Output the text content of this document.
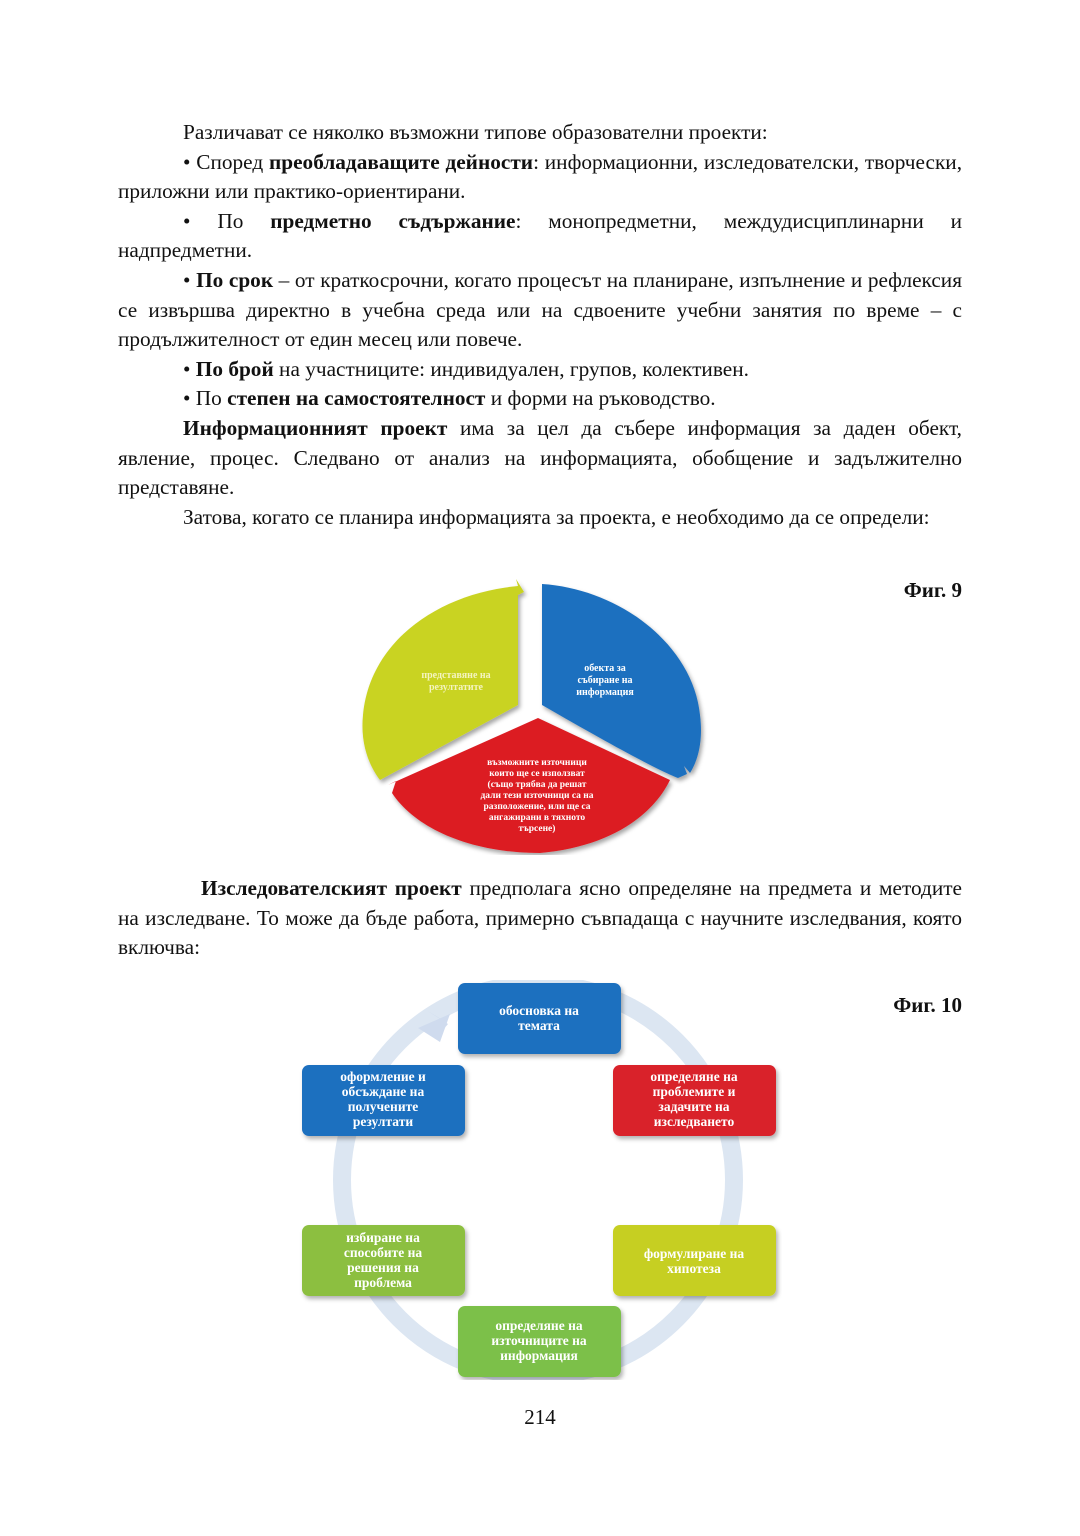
Различават се няколко възможни типове образователни проекти:

• Според преобладаващите дейности: информационни, изследователски, творчески, приложни или практико-ориентирани.

• По предметно съдържание: монопредметни, междудисциплинарни и надпредметни.

• По срок – от краткосрочни, когато процесът на планиране, изпълнение и рефлексия се извършва директно в учебна среда или на сдвоените учебни занятия по време – с продължителност от един месец или повече.

• По брой на участниците: индивидуален, групов, колективен.

• По степен на самостоятелност и форми на ръководство.

Информационният проект има за цел да събере информация за даден обект, явление, процес. Следвано от анализ на информацията, обобщение и задължително представяне.

Затова, когато се планира информацията за проекта, е необходимо да се определи:

Фиг. 9
обекта за събиране на информация
представяне на резултатите
възможните източници които ще се използват (също трябва да решат дали тези източници са на разположение, или ще са ангажирани в тяхното търсене)

Изследователският проект предполага ясно определяне на предмета и методите на изследване. То може да бъде работа, примерно съвпадаща с научните изследвания, която включва:

Фиг. 10
обосновка на темата
определяне на проблемите и задачите на изследването
формулиране на хипотеза
определяне на източниците на информация
избиране на способите на решения на проблема
оформление и обсъждане на получените резултати
214
